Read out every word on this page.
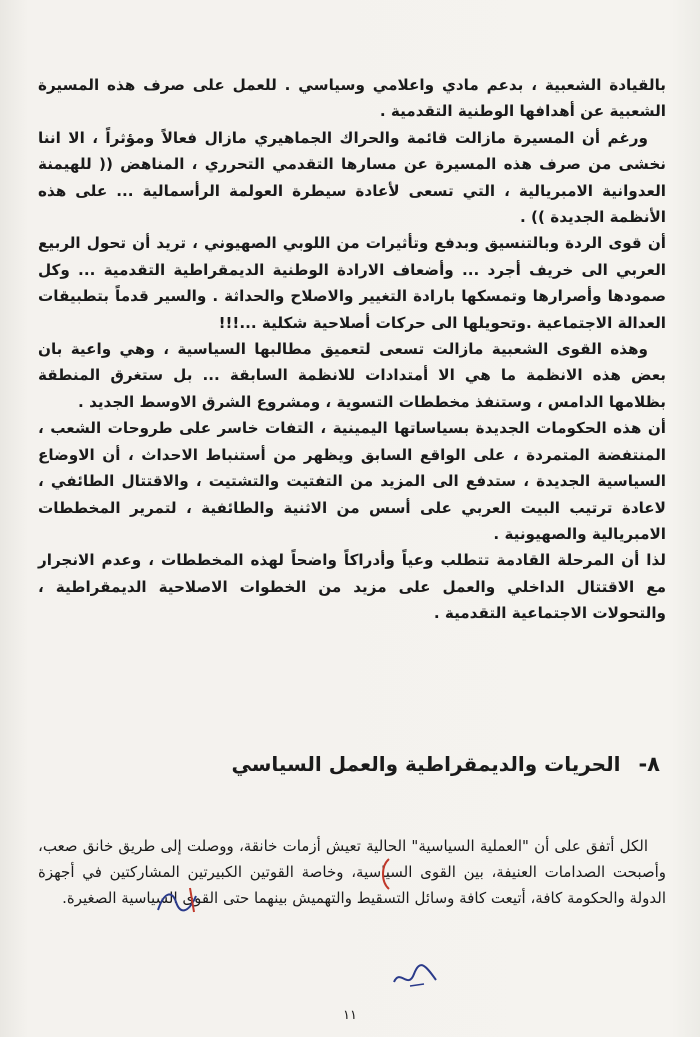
بالقيادة الشعبية ، بدعم مادي واعلامي وسياسي . للعمل على صرف هذه المسيرة الشعبية عن أهدافها الوطنية التقدمية .

ورغم أن المسيرة مازالت قائمة والحراك الجماهيري مازال فعالاً ومؤثراً ، الا اننا نخشى من صرف هذه المسيرة عن مسارها التقدمي التحرري ، المناهض (( للهيمنة العدوانية الامبريالية ، التي تسعى لأعادة سيطرة العولمة الرأسمالية ... على هذه الأنظمة الجديدة )) .

أن قوى الردة وبالتنسيق وبدفع وتأثيرات من اللوبي الصهيوني ، تريد أن تحول الربيع العربي الى خريف أجرد ... وأضعاف الارادة الوطنية الديمقراطية التقدمية ... وكل صمودها وأصرارها وتمسكها بارادة التغيير والاصلاح والحداثة . والسير قدماً بتطبيقات العدالة الاجتماعية .وتحويلها الى حركات أصلاحية شكلية ...!!!

وهذه القوى الشعبية مازالت تسعى لتعميق مطالبها السياسية ، وهي واعية بان بعض هذه الانظمة ما هي الا أمتدادات للانظمة السابقة ... بل ستغرق المنطقة بظلامها الدامس ، وستنفذ مخططات التسوية ، ومشروع الشرق الاوسط الجديد .

أن هذه الحكومات الجديدة بسياساتها اليمينية ، التفات خاسر على طروحات الشعب ، المنتفضة المتمردة ، على الواقع السابق ويظهر من أستنباط الاحداث ، أن الاوضاع السياسية الجديدة ، ستدفع الى المزيد من التفتيت والتشتيت ، والاقتتال الطائفي ، لاعادة ترتيب البيت العربي على أسس من الاثنية والطائفية ، لتمرير المخططات الامبريالية والصهيونية .

لذا أن المرحلة القادمة تتطلب وعياً وأدراكاً واضحاً لهذه المخططات ، وعدم الانجرار مع الاقتتال الداخلي والعمل على مزيد من الخطوات الاصلاحية الديمقراطية ، والتحولات الاجتماعية التقدمية .

٨-
الحريات والديمقراطية والعمل السياسي

الكل أتفق على أن "العملية السياسية" الحالية تعيش أزمات خانقة، ووصلت إلى طريق خانق صعب، وأصبحت الصدامات العنيفة، بين القوى السياسية، وخاصة القوتين الكبيرتين المشاركتين في أجهزة الدولة والحكومة كافة، أتيعت كافة وسائل التسقيط والتهميش بينهما حتى القوى السياسية الصغيرة.

١١
